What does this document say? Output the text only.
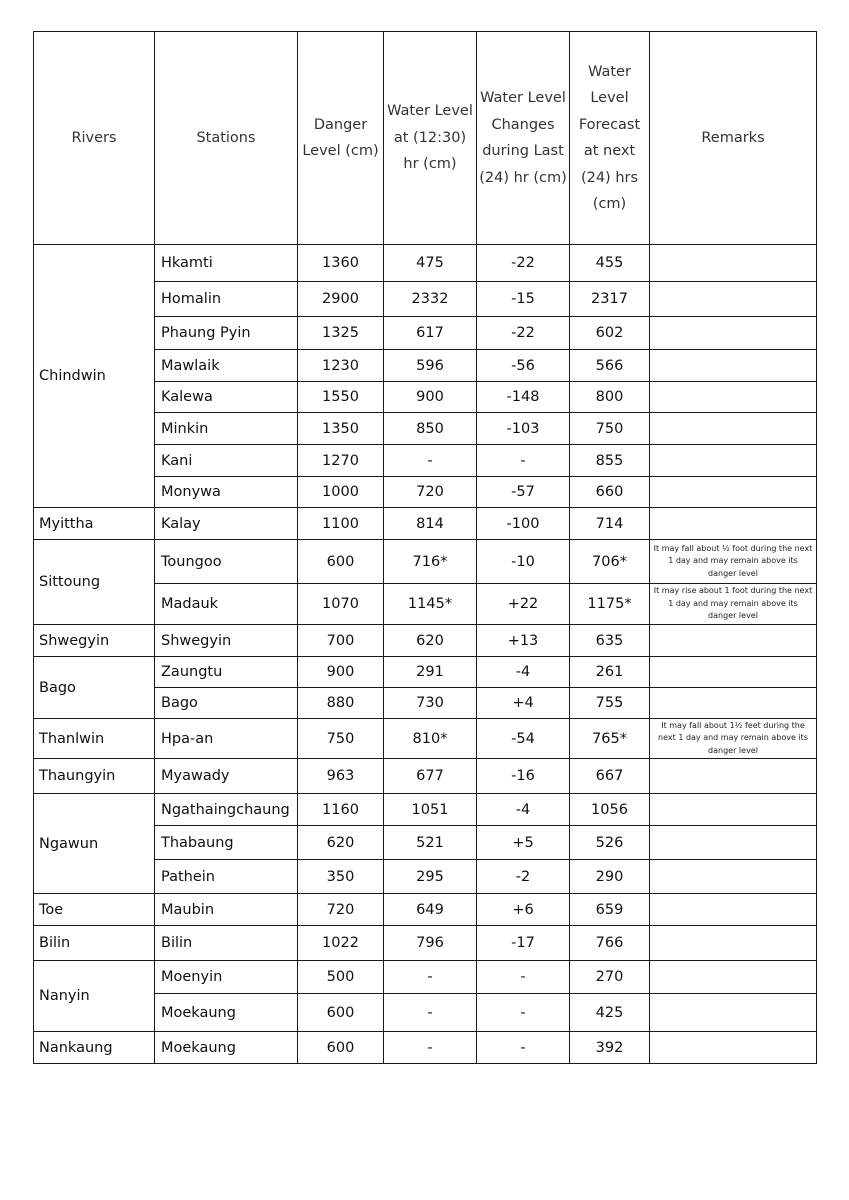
Rivers	Stations	Danger Level (cm)	Water Level at (12:30) hr (cm)	Water Level Changes during Last (24) hr (cm)	Water Level Forecast at next (24) hrs (cm)	Remarks
Chindwin	Hkamti	1360	475	-22	455	
	Homalin	2900	2332	-15	2317	
	Phaung Pyin	1325	617	-22	602	
	Mawlaik	1230	596	-56	566	
	Kalewa	1550	900	-148	800	
	Minkin	1350	850	-103	750	
	Kani	1270	-	-	855	
	Monywa	1000	720	-57	660	
Myittha	Kalay	1100	814	-100	714	
Sittoung	Toungoo	600	716*	-10	706*	It may fall about ½ foot during the next 1 day and may remain above its danger level
	Madauk	1070	1145*	+22	1175*	It may rise about 1 foot during the next 1 day and may remain above its danger level
Shwegyin	Shwegyin	700	620	+13	635	
Bago	Zaungtu	900	291	-4	261	
	Bago	880	730	+4	755	
Thanlwin	Hpa-an	750	810*	-54	765*	It may fall about 1½ feet during the next 1 day and may remain above its danger level
Thaungyin	Myawady	963	677	-16	667	
Ngawun	Ngathaingchaung	1160	1051	-4	1056	
	Thabaung	620	521	+5	526	
	Pathein	350	295	-2	290	
Toe	Maubin	720	649	+6	659	
Bilin	Bilin	1022	796	-17	766	
Nanyin	Moenyin	500	-	-	270	
	Moekaung	600	-	-	425	
Nankaung	Moekaung	600	-	-	392	
